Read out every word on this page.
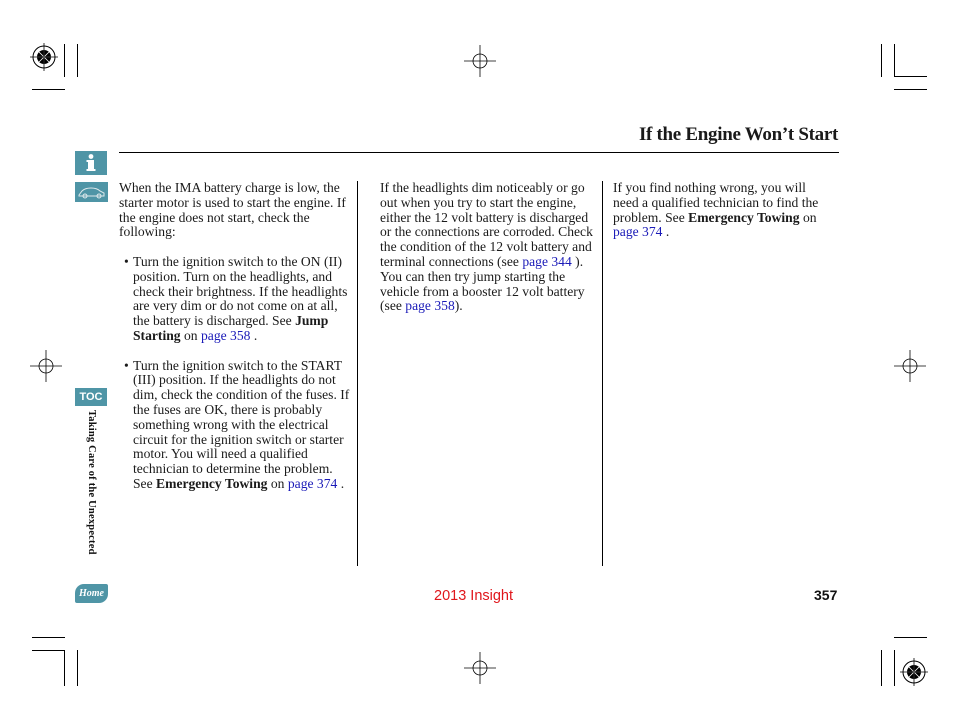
If the Engine Won’t Start
TOC
Taking Care of the Unexpected
Home

When the IMA battery charge is low, the starter motor is used to start the engine. If the engine does not start, check the following:

• Turn the ignition switch to the ON (II) position. Turn on the headlights, and check their brightness. If the headlights are very dim or do not come on at all, the battery is discharged. See Jump Starting on page 358 .

• Turn the ignition switch to the START (III) position. If the headlights do not dim, check the condition of the fuses. If the fuses are OK, there is probably something wrong with the electrical circuit for the ignition switch or starter motor. You will need a qualified technician to determine the problem. See Emergency Towing on page 374 .

If the headlights dim noticeably or go out when you try to start the engine, either the 12 volt battery is discharged or the connections are corroded. Check the condition of the 12 volt battery and terminal connections (see page 344 ). You can then try jump starting the vehicle from a booster 12 volt battery (see page 358).

If you find nothing wrong, you will need a qualified technician to find the problem. See Emergency Towing on page 374 .

2013 Insight	357
